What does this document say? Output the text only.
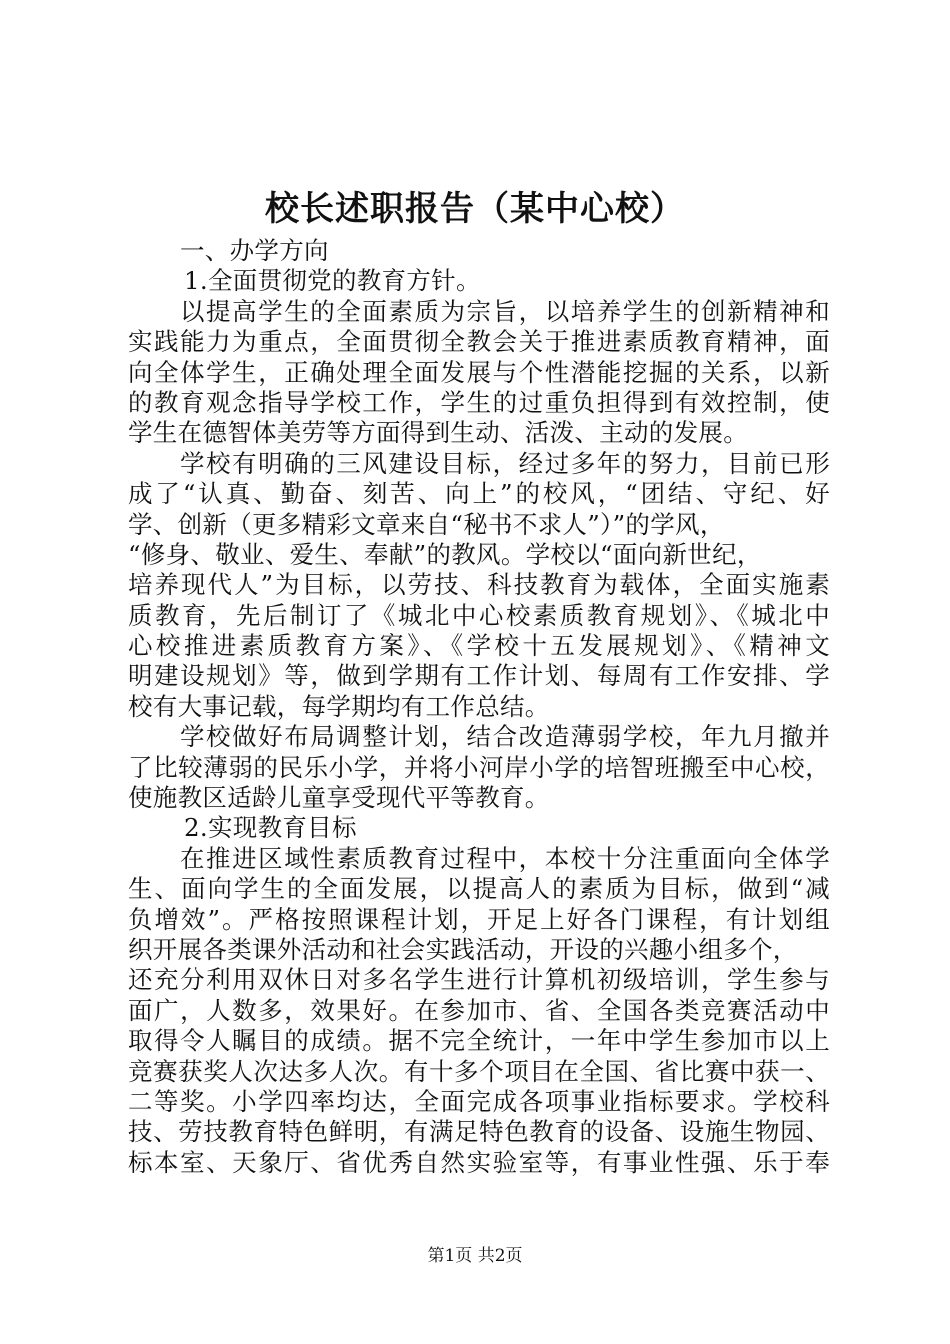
校长述职报告（某中心校）
一、办学方向
1.全面贯彻党的教育方针。
以提高学生的全面素质为宗旨，以培养学生的创新精神和
实践能力为重点，全面贯彻全教会关于推进素质教育精神，面
向全体学生，正确处理全面发展与个性潜能挖掘的关系，以新
的教育观念指导学校工作，学生的过重负担得到有效控制，使
学生在德智体美劳等方面得到生动、活泼、主动的发展。
学校有明确的三风建设目标，经过多年的努力，目前已形
成了“认真、勤奋、刻苦、向上”的校风，“团结、守纪、好
学、创新（更多精彩文章来自“秘书不求人”）”的学风，
“修身、敬业、爱生、奉献”的教风。学校以“面向新世纪，
培养现代人”为目标，以劳技、科技教育为载体，全面实施素
质教育，先后制订了《城北中心校素质教育规划》、《城北中
心校推进素质教育方案》、《学校十五发展规划》、《精神文
明建设规划》等，做到学期有工作计划、每周有工作安排、学
校有大事记载，每学期均有工作总结。
学校做好布局调整计划，结合改造薄弱学校，年九月撤并
了比较薄弱的民乐小学，并将小河岸小学的培智班搬至中心校，
使施教区适龄儿童享受现代平等教育。
2.实现教育目标
在推进区域性素质教育过程中，本校十分注重面向全体学
生、面向学生的全面发展，以提高人的素质为目标，做到“减
负增效”。严格按照课程计划，开足上好各门课程，有计划组
织开展各类课外活动和社会实践活动，开设的兴趣小组多个，
还充分利用双休日对多名学生进行计算机初级培训，学生参与
面广，人数多，效果好。在参加市、省、全国各类竞赛活动中
取得令人瞩目的成绩。据不完全统计，一年中学生参加市以上
竞赛获奖人次达多人次。有十多个项目在全国、省比赛中获一、
二等奖。小学四率均达，全面完成各项事业指标要求。学校科
技、劳技教育特色鲜明，有满足特色教育的设备、设施生物园、
标本室、天象厅、省优秀自然实验室等，有事业性强、乐于奉
第1页 共2页
